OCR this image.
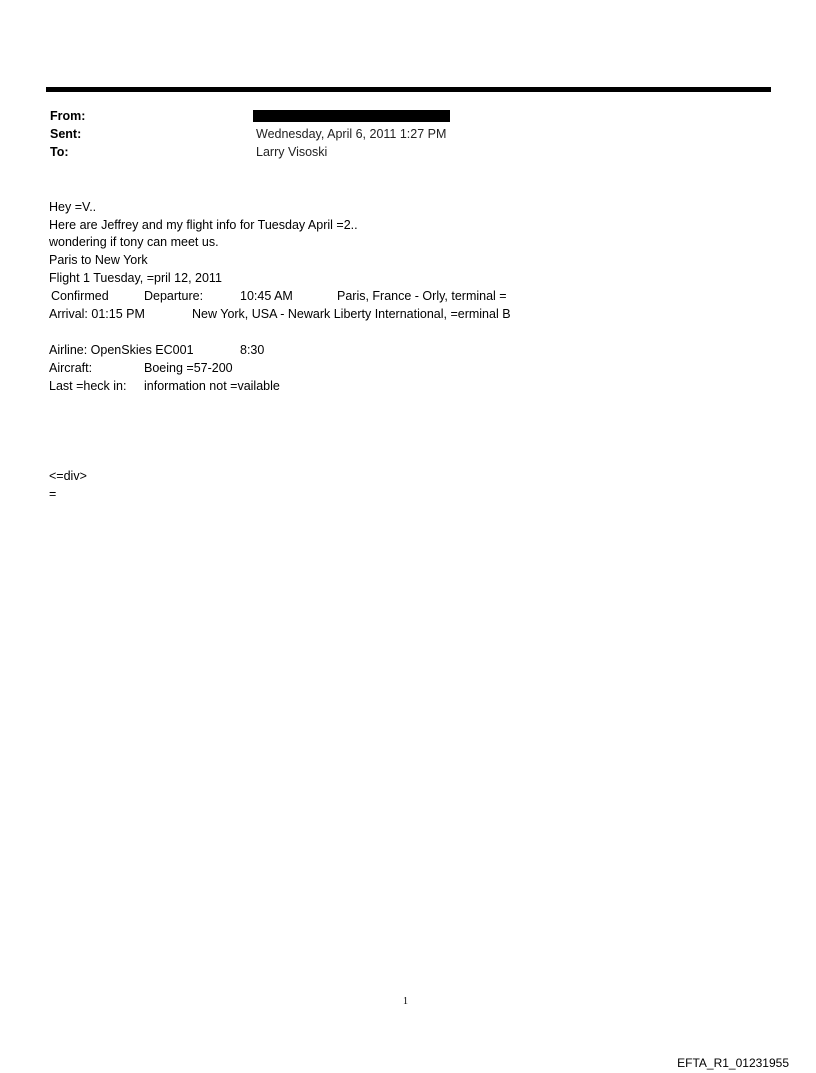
From:
Sent:	Wednesday, April 6, 2011 1:27 PM
To:	Larry Visoski
Hey =V..
Here are Jeffrey and my flight info for Tuesday April =2..
wondering if tony can meet us.
Paris to New York
Flight 1 Tuesday, =pril 12, 2011
Confirmed	Departure:	10:45 AM	Paris, France - Orly, terminal =
Arrival: 01:15 PM	New York, USA - Newark Liberty International, =erminal B
Airline: OpenSkies EC001	8:30
Aircraft:	Boeing =57-200
Last =heck in: information not =vailable
<=div>
=
1
EFTA_R1_01231955
